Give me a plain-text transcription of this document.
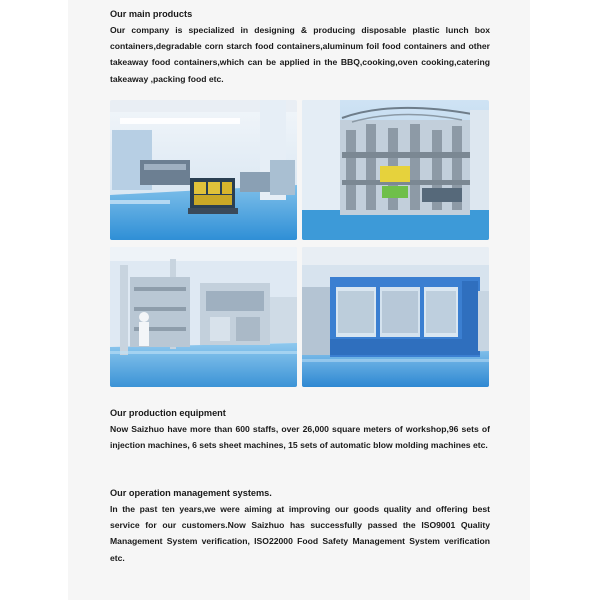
Our main products

Our company is specialized in designing & producing disposable plastic lunch box containers,degradable corn starch food containers,aluminum foil food containers and other takeaway food containers,which can be applied in the BBQ,cooking,oven cooking,catering takeaway ,packing food etc.

Our production equipment

Now Saizhuo have more than 600 staffs, over 26,000 square meters of workshop,96 sets of injection machines, 6 sets sheet machines, 15 sets of automatic blow molding machines etc.

Our operation management systems.

In the past ten years,we were aiming at improving our goods quality and offering best service for our customers.Now Saizhuo has successfully passed the ISO9001 Quality Management System verification, ISO22000 Food Safety Management System verification etc.
